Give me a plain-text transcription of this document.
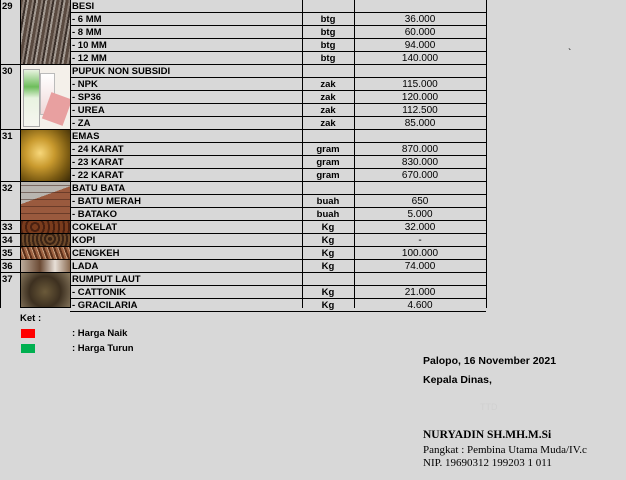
29	BESI
- 6 MM	btg	36.000
- 8 MM	btg	60.000
- 10 MM	btg	94.000
- 12 MM	btg	140.000
30	PUPUK NON SUBSIDI
- NPK	zak	115.000
- SP36	zak	120.000
- UREA	zak	112.500
- ZA	zak	85.000
31	EMAS
- 24 KARAT	gram	870.000
- 23 KARAT	gram	830.000
- 22 KARAT	gram	670.000
32	BATU BATA
- BATU MERAH	buah	650
- BATAKO	buah	5.000
33	COKELAT	Kg	32.000
34	KOPI	Kg	-
35	CENGKEH	Kg	100.000
36	LADA	Kg	74.000
37	RUMPUT LAUT
- CATTONIK	Kg	21.000
- GRACILARIA	Kg	4.600
`
Ket :
: Harga Naik
: Harga Turun
Palopo, 16 November 2021
Kepala Dinas,
TTD
NURYADIN SH.MH.M.Si
Pangkat : Pembina Utama Muda/IV.c
NIP. 19690312 199203 1 011
